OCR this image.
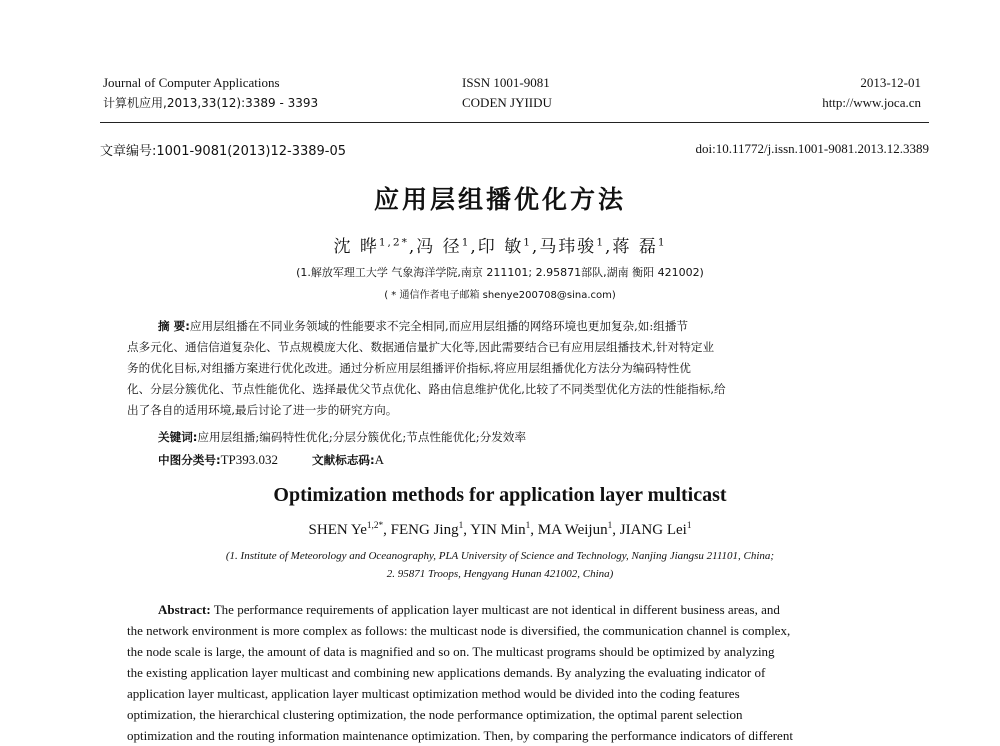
Journal of Computer Applications
计算机应用,2013,33(12):3389 - 3393
ISSN 1001-9081
CODEN JYIIDU
2013-12-01
http://www.joca.cn
文章编号:1001-9081(2013)12-3389-05	doi:10.11772/j.issn.1001-9081.2013.12.3389
应用层组播优化方法
沈 晔$^{1,2*}$,冯 径$^1$,印 敏$^1$,马玮骏$^1$,蒋 磊$^1$
(1.解放军理工大学 气象海洋学院,南京 211101; 2.95871部队,湖南 衡阳 421002)
( * 通信作者电子邮箱 shenye200708@sina.com)
摘 要:应用层组播在不同业务领域的性能要求不完全相同,而应用层组播的网络环境也更加复杂,如:组播节
点多元化、通信信道复杂化、节点规模庞大化、数据通信量扩大化等,因此需要结合已有应用层组播技术,针对特定业
务的优化目标,对组播方案进行优化改进。通过分析应用层组播评价指标,将应用层组播优化方法分为编码特性优
化、分层分簇优化、节点性能优化、选择最优父节点优化、路由信息维护优化,比较了不同类型优化方法的性能指标,给
出了各自的适用环境,最后讨论了进一步的研究方向。
关键词:应用层组播;编码特性优化;分层分簇优化;节点性能优化;分发效率
中图分类号:TP393.032	文献标志码:A
Optimization methods for application layer multicast
SHEN $Ye^{1,2*}$, FENG Jing$^1$, YIN Min$^1$, MA Weijun$^1$, JIANG Lei$^1$
(1. Institute of Meteorology and Oceanography, PLA University of Science and Technology, Nanjing Jiangsu 211101, China;
2. 95871 Troops, Hengyang Hunan 421002, China)
Abstract: The performance requirements of application layer multicast are not identical in different business areas, and
the network environment is more complex as follows: the multicast node is diversified, the communication channel is complex,
the node scale is large, the amount of data is magnified and so on. The multicast programs should be optimized by analyzing
the existing application layer multicast and combining new applications demands. By analyzing the evaluating indicator of
application layer multicast, application layer multicast optimization method would be divided into the coding features
optimization, the hierarchical clustering optimization, the node performance optimization, the optimal parent selection
optimization and the routing information maintenance optimization. Then, by comparing the performance indicators of different
